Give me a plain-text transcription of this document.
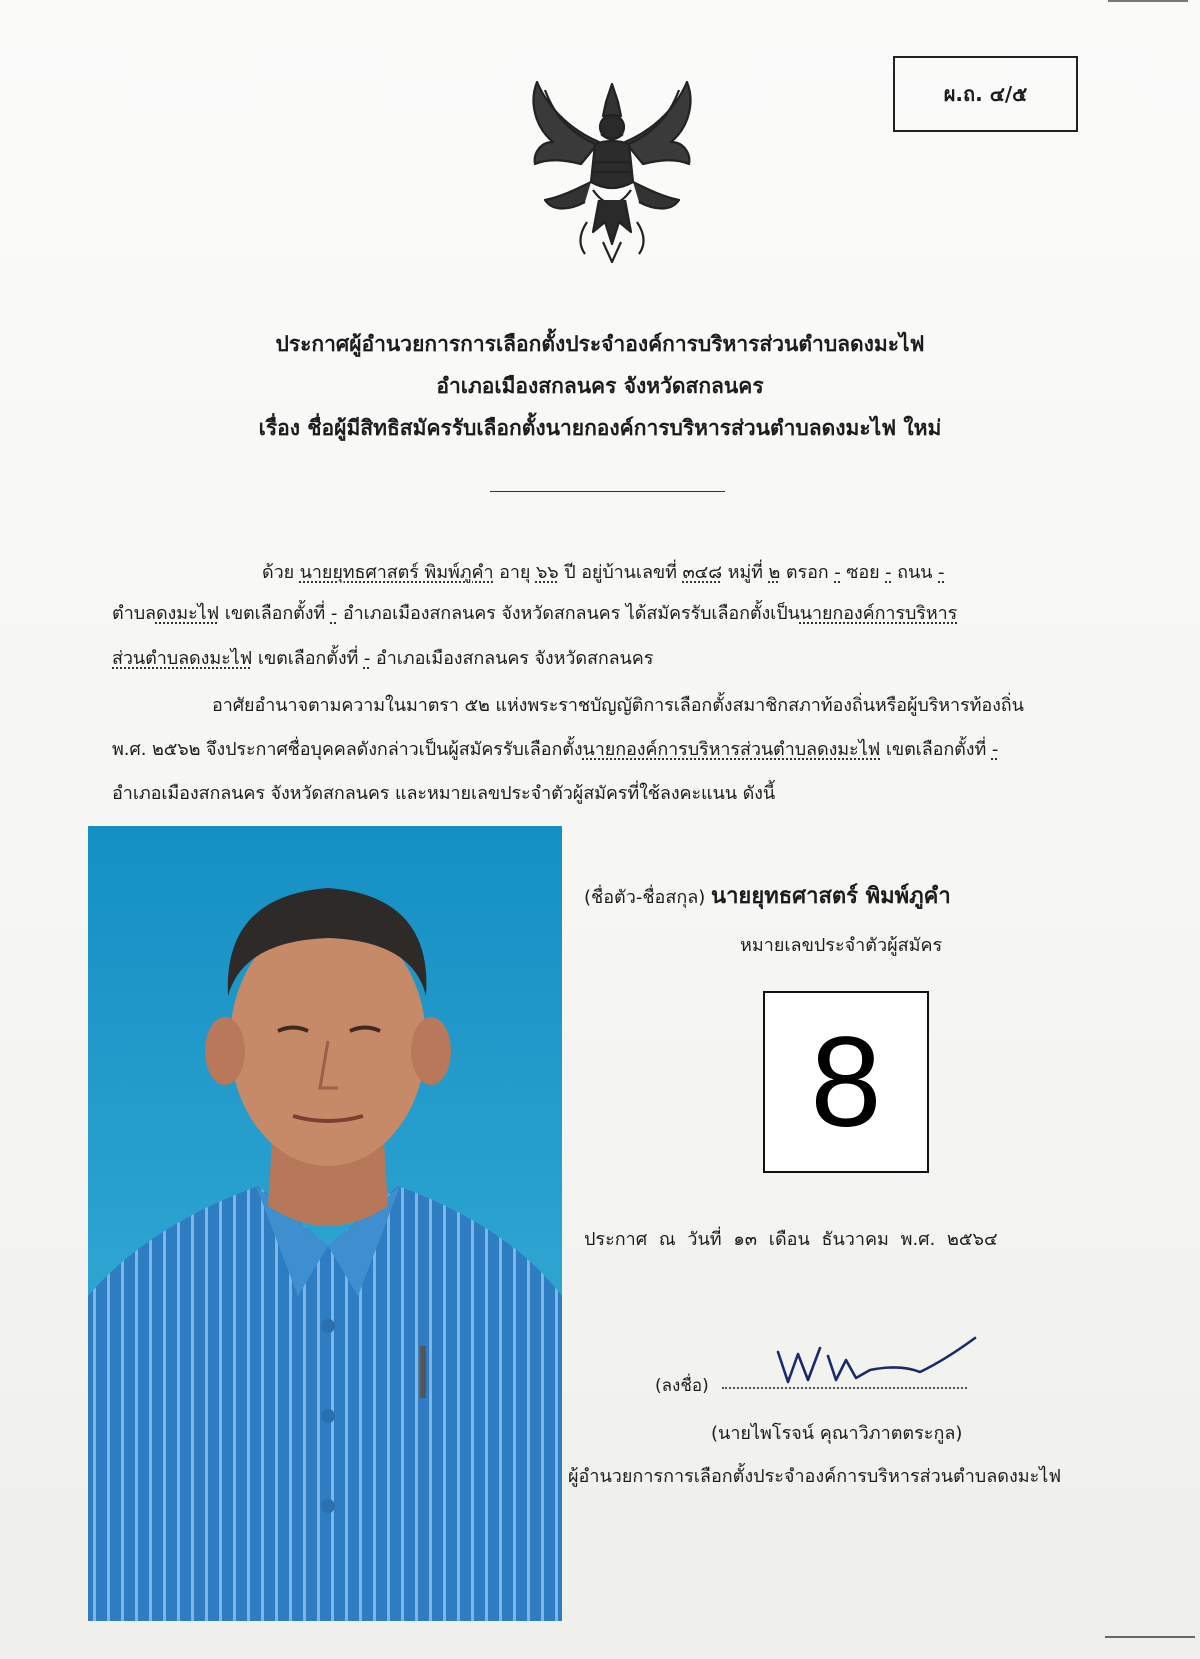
ผ.ถ. ๔/๕
ประกาศผู้อำนวยการการเลือกตั้งประจำองค์การบริหารส่วนตำบลดงมะไฟ
อำเภอเมืองสกลนคร จังหวัดสกลนคร
เรื่อง ชื่อผู้มีสิทธิสมัครรับเลือกตั้งนายกองค์การบริหารส่วนตำบลดงมะไฟ ใหม่
ด้วย นายยุทธศาสตร์ พิมพ์ภูคำ อายุ ๖๖ ปี อยู่บ้านเลขที่ ๓๔๘ หมู่ที่ ๒ ตรอก - ซอย - ถนน -
ตำบลดงมะไฟ เขตเลือกตั้งที่ - อำเภอเมืองสกลนคร จังหวัดสกลนคร ได้สมัครรับเลือกตั้งเป็นนายกองค์การบริหาร
ส่วนตำบลดงมะไฟ เขตเลือกตั้งที่ - อำเภอเมืองสกลนคร จังหวัดสกลนคร
อาศัยอำนาจตามความในมาตรา ๕๒ แห่งพระราชบัญญัติการเลือกตั้งสมาชิกสภาท้องถิ่นหรือผู้บริหารท้องถิ่น
พ.ศ. ๒๕๖๒ จึงประกาศชื่อบุคคลดังกล่าวเป็นผู้สมัครรับเลือกตั้งนายกองค์การบริหารส่วนตำบลดงมะไฟ เขตเลือกตั้งที่ -
อำเภอเมืองสกลนคร จังหวัดสกลนคร และหมายเลขประจำตัวผู้สมัครที่ใช้ลงคะแนน ดังนี้
(ชื่อตัว-ชื่อสกุล) นายยุทธศาสตร์ พิมพ์ภูคำ
หมายเลขประจำตัวผู้สมัคร
8
ประกาศ ณ วันที่ ๑๓ เดือน ธันวาคม พ.ศ. ๒๕๖๔
(ลงชื่อ)
(นายไพโรจน์ คุณาวิภาตตระกูล)
ผู้อำนวยการการเลือกตั้งประจำองค์การบริหารส่วนตำบลดงมะไฟ
